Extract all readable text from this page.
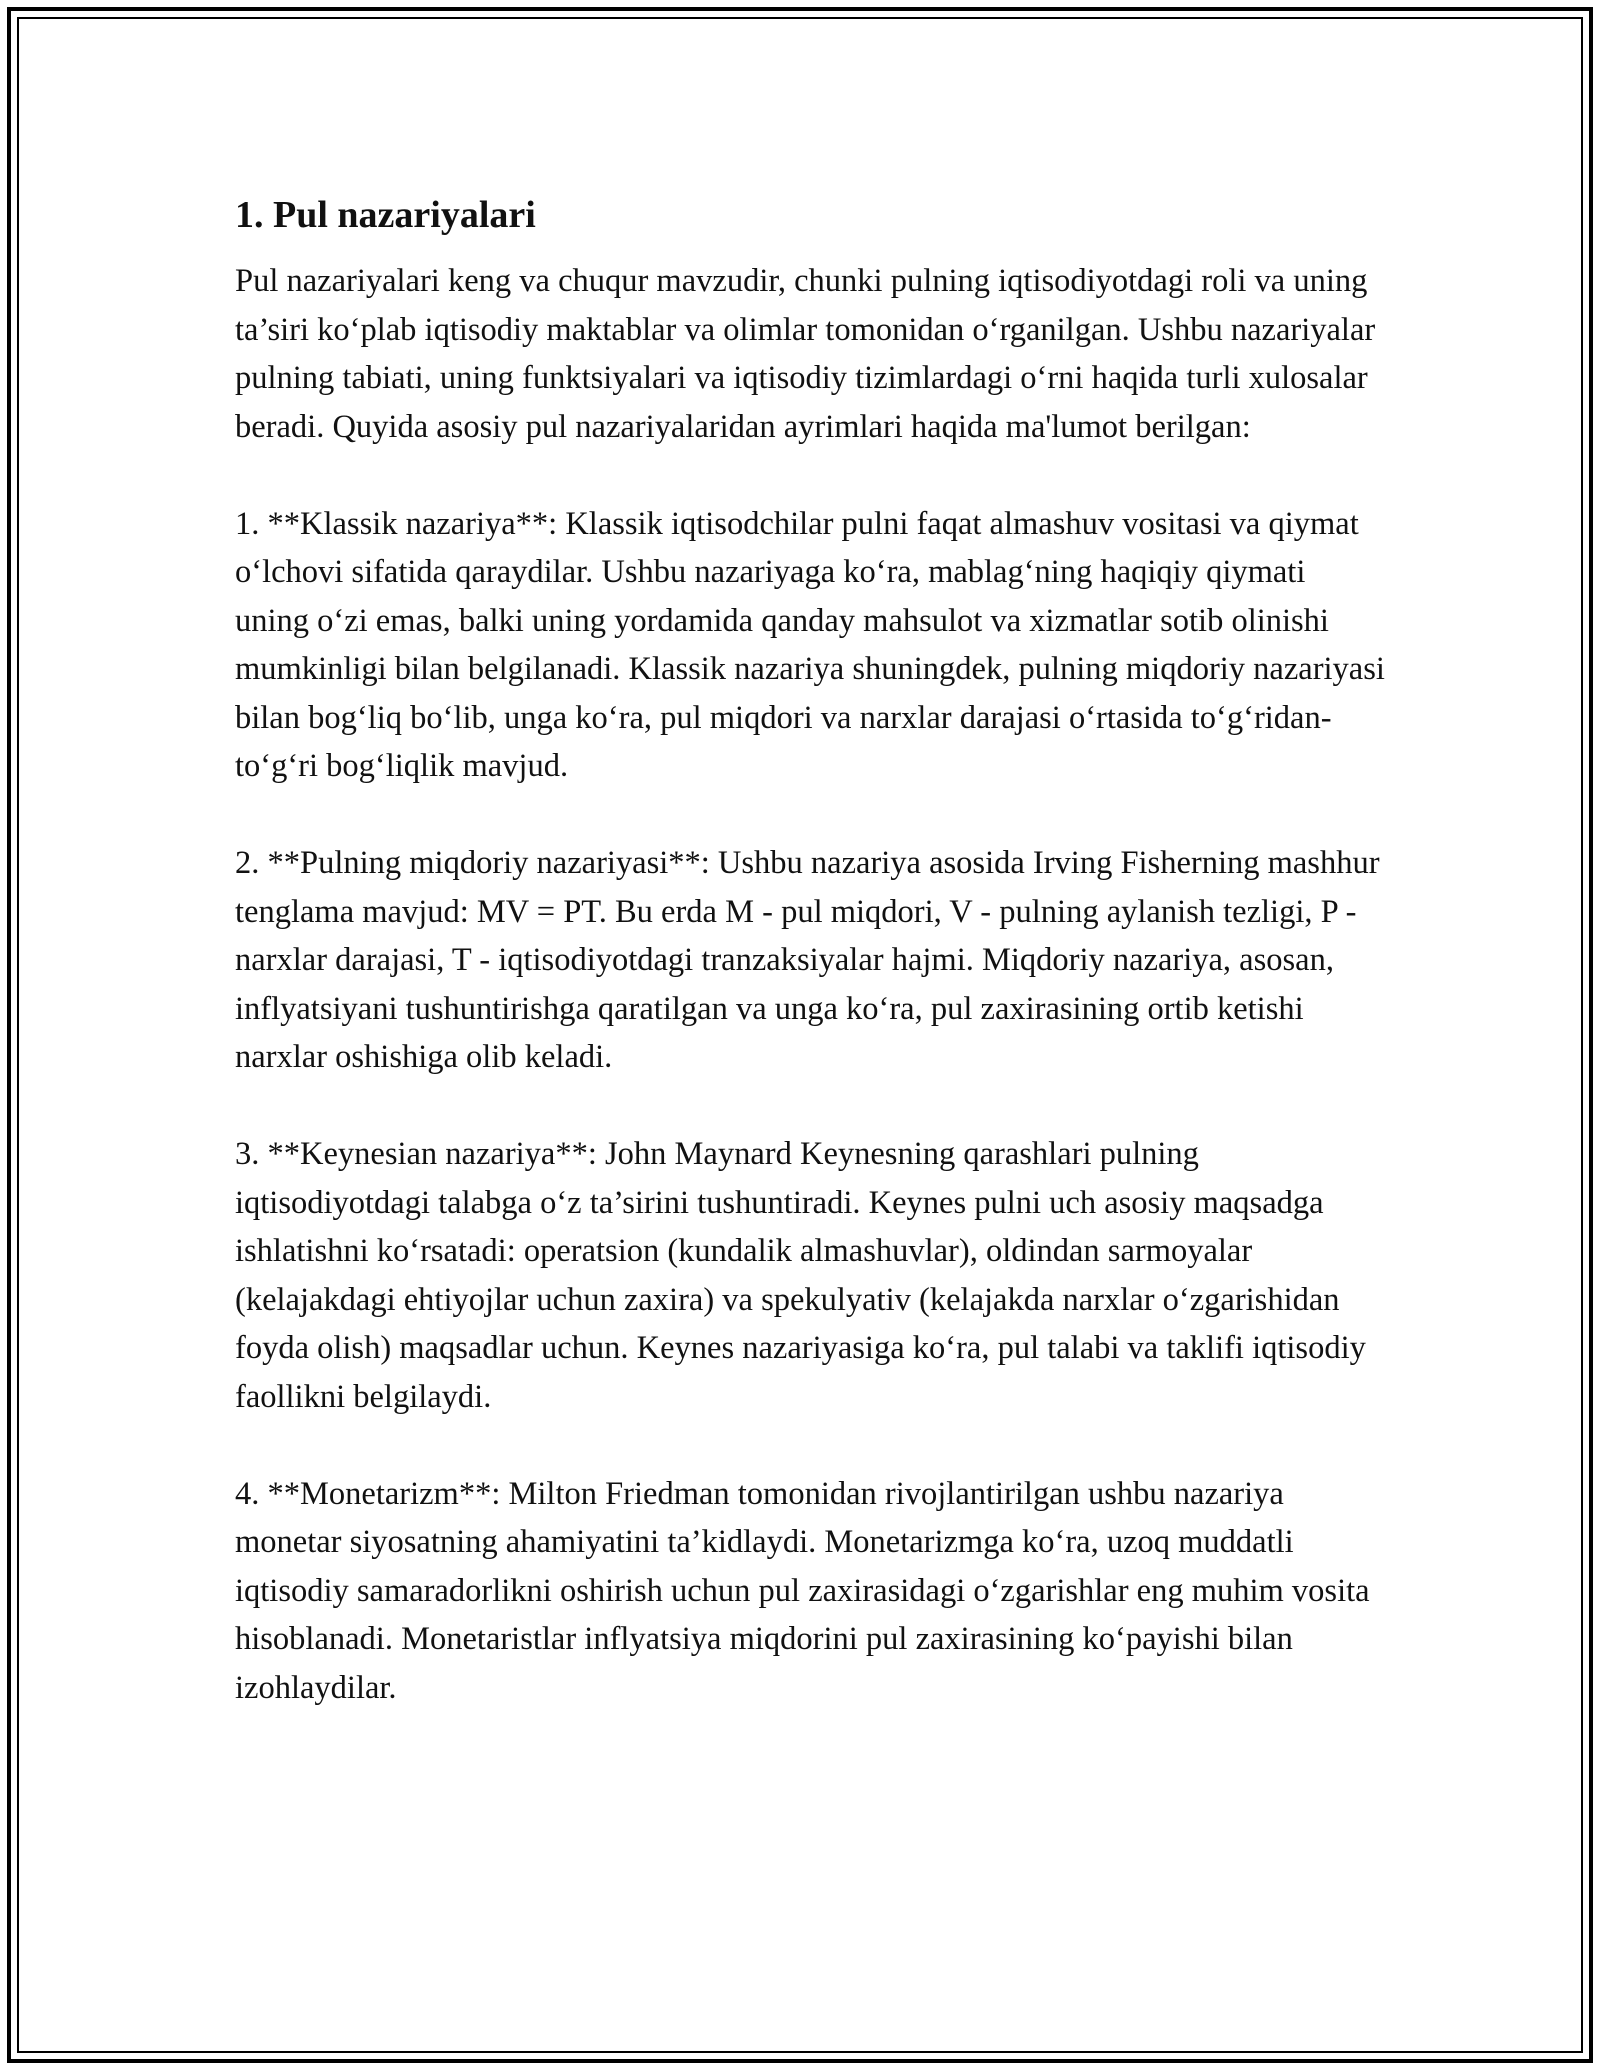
1. Pul nazariyalari

Pul nazariyalari keng va chuqur mavzudir, chunki pulning iqtisodiyotdagi roli va uning ta’siri ko‘plab iqtisodiy maktablar va olimlar tomonidan o‘rganilgan. Ushbu nazariyalar pulning tabiati, uning funktsiyalari va iqtisodiy tizimlardagi o‘rni haqida turli xulosalar beradi. Quyida asosiy pul nazariyalaridan ayrimlari haqida ma'lumot berilgan:

1. **Klassik nazariya**: Klassik iqtisodchilar pulni faqat almashuv vositasi va qiymat o‘lchovi sifatida qaraydilar. Ushbu nazariyaga ko‘ra, mablag‘ning haqiqiy qiymati uning o‘zi emas, balki uning yordamida qanday mahsulot va xizmatlar sotib olinishi mumkinligi bilan belgilanadi. Klassik nazariya shuningdek, pulning miqdoriy nazariyasi bilan bog‘liq bo‘lib, unga ko‘ra, pul miqdori va narxlar darajasi o‘rtasida to‘g‘ridan-to‘g‘ri bog‘liqlik mavjud.

2. **Pulning miqdoriy nazariyasi**: Ushbu nazariya asosida Irving Fisherning mashhur tenglama mavjud: MV = PT. Bu erda M - pul miqdori, V - pulning aylanish tezligi, P - narxlar darajasi, T - iqtisodiyotdagi tranzaksiyalar hajmi. Miqdoriy nazariya, asosan, inflyatsiyani tushuntirishga qaratilgan va unga ko‘ra, pul zaxirasining ortib ketishi narxlar oshishiga olib keladi.

3. **Keynesian nazariya**: John Maynard Keynesning qarashlari pulning iqtisodiyotdagi talabga o‘z ta’sirini tushuntiradi. Keynes pulni uch asosiy maqsadga ishlatishni ko‘rsatadi: operatsion (kundalik almashuvlar), oldindan sarmoyalar (kelajakdagi ehtiyojlar uchun zaxira) va spekulyativ (kelajakda narxlar o‘zgarishidan foyda olish) maqsadlar uchun. Keynes nazariyasiga ko‘ra, pul talabi va taklifi iqtisodiy faollikni belgilaydi.

4. **Monetarizm**: Milton Friedman tomonidan rivojlantirilgan ushbu nazariya monetar siyosatning ahamiyatini ta’kidlaydi. Monetarizmga ko‘ra, uzoq muddatli iqtisodiy samaradorlikni oshirish uchun pul zaxirasidagi o‘zgarishlar eng muhim vosita hisoblanadi. Monetaristlar inflyatsiya miqdorini pul zaxirasining ko‘payishi bilan izohlaydilar.
